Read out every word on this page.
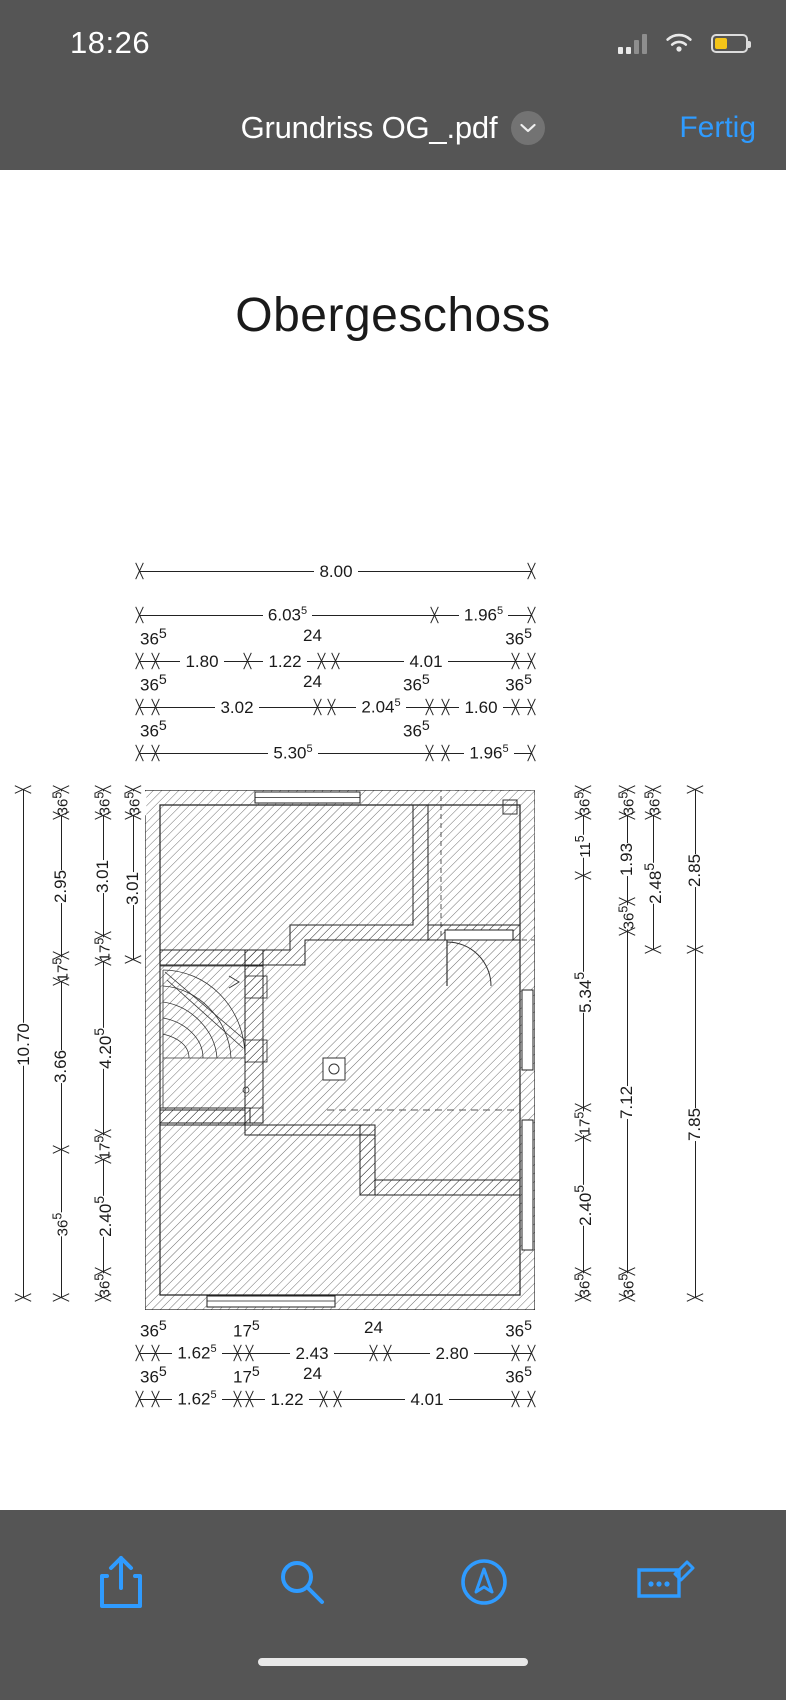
18:26
Grundriss OG_.pdf	Fertig
Obergeschoss
8.00
6.03$^5$	1.96$^5$
$36^5$	24	$36^5$
1.80	1.22	4.01
$36^5$	24	$36^5$	$36^5$
3.02	2.04$^5$	1.60
$36^5$	$36^5$
5.30$^5$	1.96$^5$
10.70
$36^5$
2.95
$17^5$
3.66
$36^5$
$36^5$
3.01
$17^5$
4.20$^5$
$17^5$
2.40$^5$
$36^5$
$36^5$
3.01
$36^5$
$11^5$
5.34$^5$
$17^5$
2.40$^5$
$36^5$
$36^5$
1.93
$36^5$
7.12
$36^5$
$36^5$
2.48$^5$	2.85
7.85
$36^5$	$17^5$	24	$36^5$
1.62$^5$	2.43	2.80
$36^5$	$17^5$	24	$36^5$
1.62$^5$	1.22	4.01
